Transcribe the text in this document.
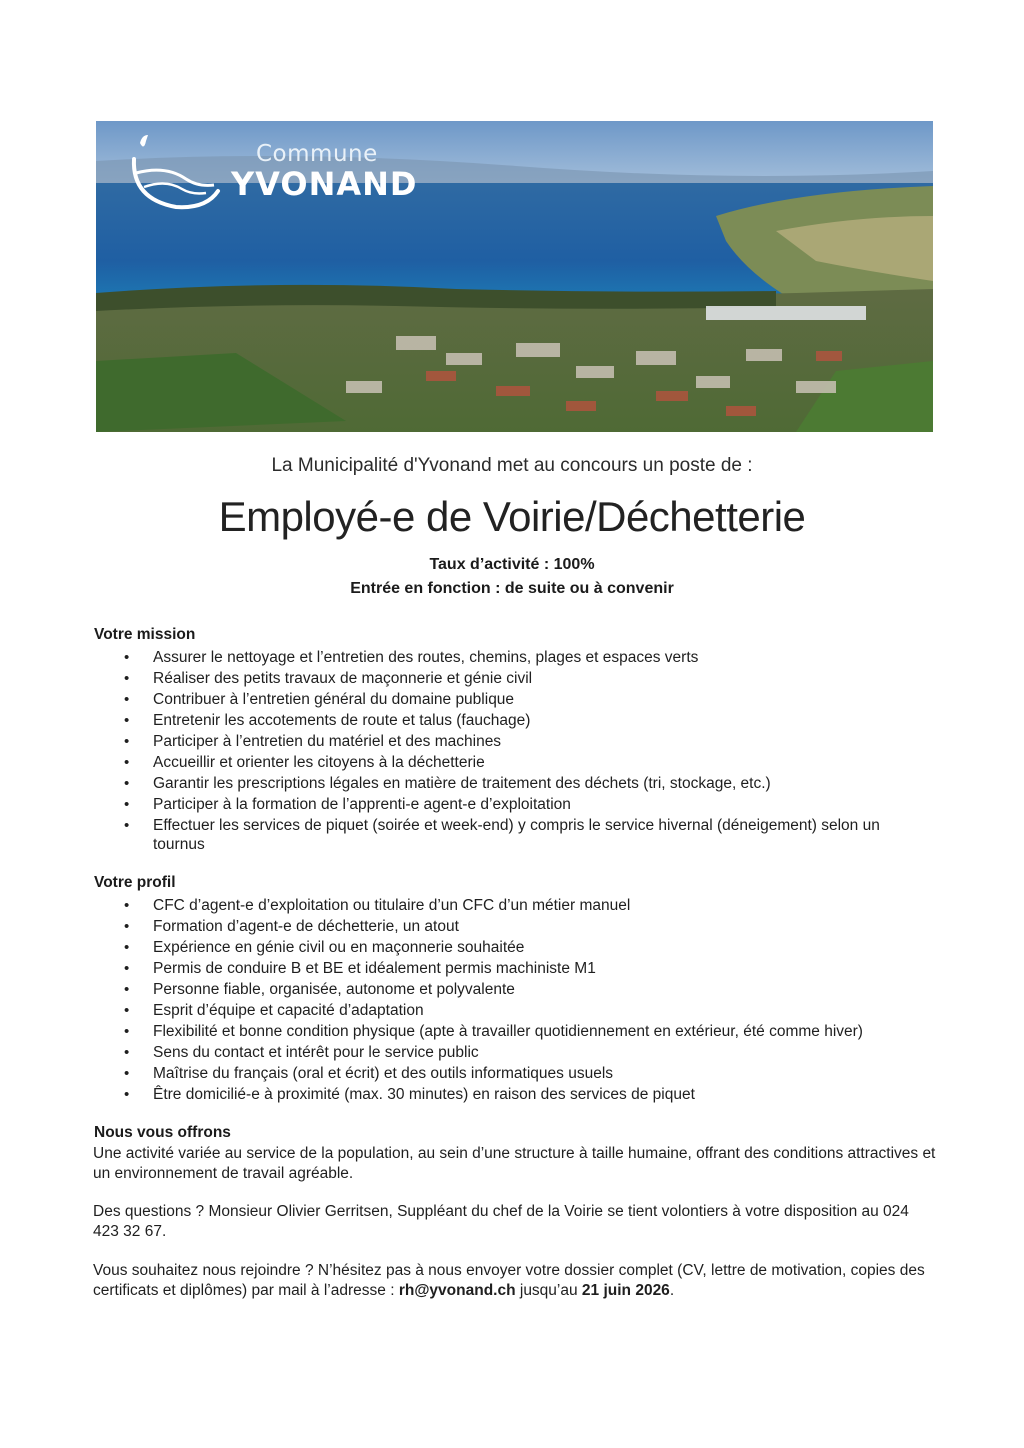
Commune
YVONAND
La Municipalité d'Yvonand met au concours un poste de :
Employé-e de Voirie/Déchetterie
Taux d’activité : 100%
Entrée en fonction : de suite ou à convenir
Votre mission
• Assurer le nettoyage et l’entretien des routes, chemins, plages et espaces verts
• Réaliser des petits travaux de maçonnerie et génie civil
• Contribuer à l’entretien général du domaine publique
• Entretenir les accotements de route et talus (fauchage)
• Participer à l’entretien du matériel et des machines
• Accueillir et orienter les citoyens à la déchetterie
• Garantir les prescriptions légales en matière de traitement des déchets (tri, stockage, etc.)
• Participer à la formation de l’apprenti-e agent-e d’exploitation
• Effectuer les services de piquet (soirée et week-end) y compris le service hivernal (déneigement) selon un tournus
Votre profil
• CFC d’agent-e d’exploitation ou titulaire d’un CFC d’un métier manuel
• Formation d’agent-e de déchetterie, un atout
• Expérience en génie civil ou en maçonnerie souhaitée
• Permis de conduire B et BE et idéalement permis machiniste M1
• Personne fiable, organisée, autonome et polyvalente
• Esprit d’équipe et capacité d’adaptation
• Flexibilité et bonne condition physique (apte à travailler quotidiennement en extérieur, été comme hiver)
• Sens du contact et intérêt pour le service public
• Maîtrise du français (oral et écrit) et des outils informatiques usuels
• Être domicilié-e à proximité (max. 30 minutes) en raison des services de piquet
Nous vous offrons
Une activité variée au service de la population, au sein d’une structure à taille humaine, offrant des conditions attractives et un environnement de travail agréable.
Des questions ? Monsieur Olivier Gerritsen, Suppléant du chef de la Voirie se tient volontiers à votre disposition au 024 423 32 67.
Vous souhaitez nous rejoindre ? N’hésitez pas à nous envoyer votre dossier complet (CV, lettre de motivation, copies des certificats et diplômes) par mail à l’adresse : rh@yvonand.ch jusqu’au 21 juin 2026.
